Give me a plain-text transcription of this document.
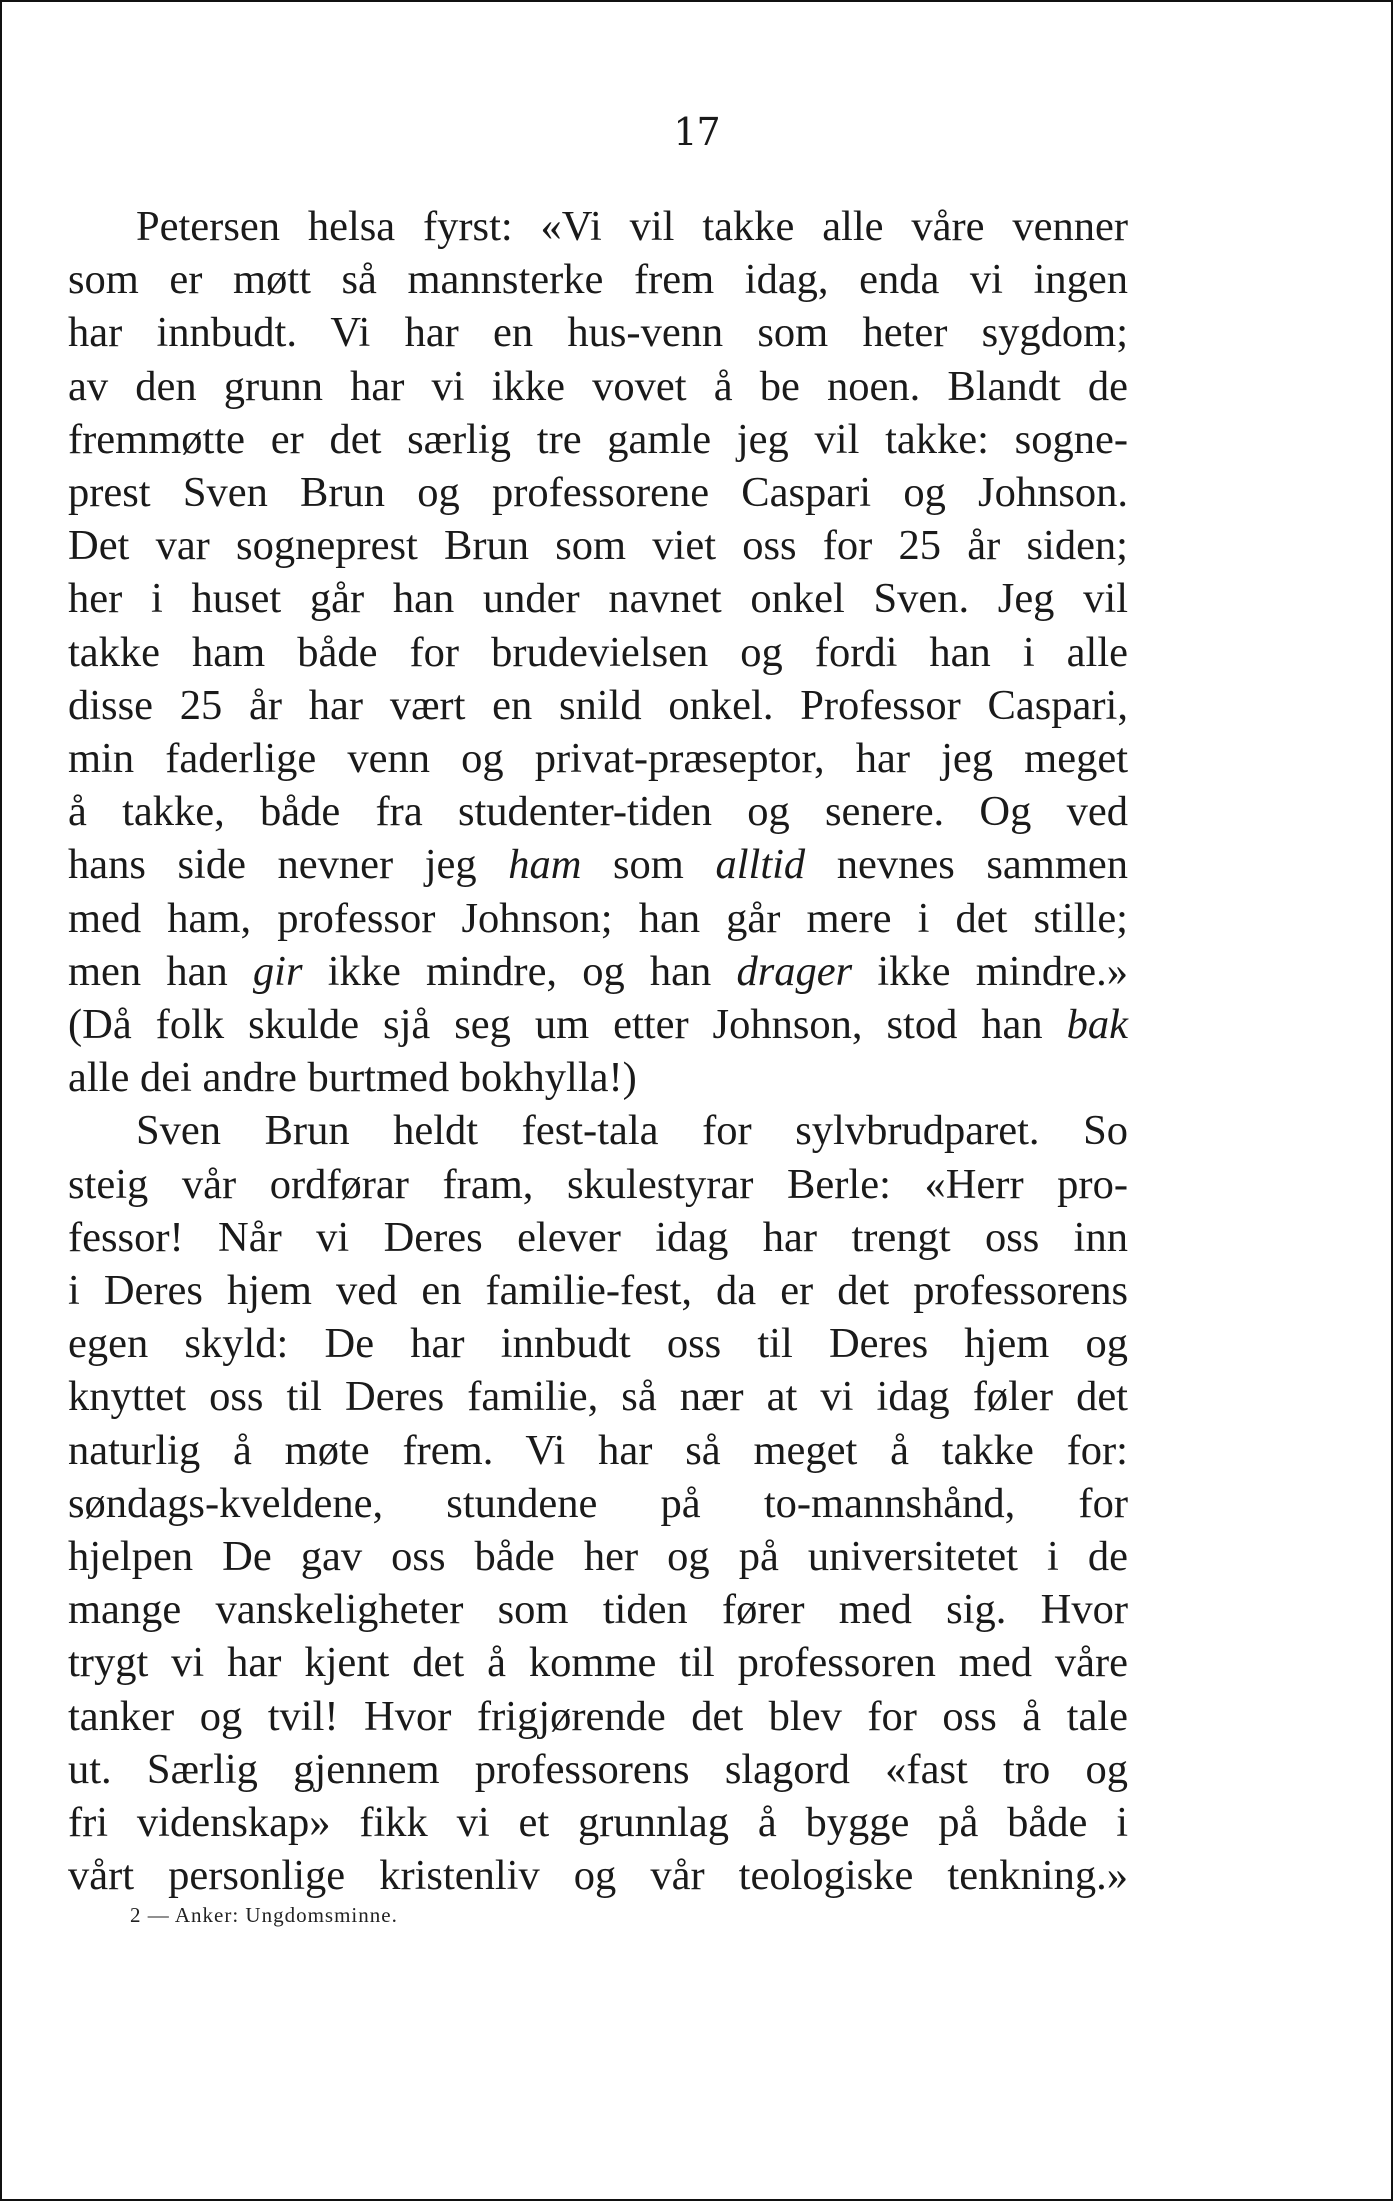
17
Petersen helsa fyrst: «Vi vil takke alle våre venner
som er møtt så mannsterke frem idag, enda vi ingen
har innbudt. Vi har en hus-venn som heter sygdom;
av den grunn har vi ikke vovet å be noen. Blandt de
fremmøtte er det særlig tre gamle jeg vil takke: sogne-
prest Sven Brun og professorene Caspari og Johnson.
Det var sogneprest Brun som viet oss for 25 år siden;
her i huset går han under navnet onkel Sven. Jeg vil
takke ham både for brudevielsen og fordi han i alle
disse 25 år har vært en snild onkel. Professor Caspari,
min faderlige venn og privat-præseptor, har jeg meget
å takke, både fra studenter-tiden og senere. Og ved
hans side nevner jeg ham som alltid nevnes sammen
med ham, professor Johnson; han går mere i det stille;
men han gir ikke mindre, og han drager ikke mindre.»
(Då folk skulde sjå seg um etter Johnson, stod han bak
alle dei andre burtmed bokhylla!)
Sven Brun heldt fest-tala for sylvbrudparet. So
steig vår ordførar fram, skulestyrar Berle: «Herr pro-
fessor! Når vi Deres elever idag har trengt oss inn
i Deres hjem ved en familie-fest, da er det professorens
egen skyld: De har innbudt oss til Deres hjem og
knyttet oss til Deres familie, så nær at vi idag føler det
naturlig å møte frem. Vi har så meget å takke for:
søndags-kveldene, stundene på to-mannshånd, for
hjelpen De gav oss både her og på universitetet i de
mange vanskeligheter som tiden fører med sig. Hvor
trygt vi har kjent det å komme til professoren med våre
tanker og tvil! Hvor frigjørende det blev for oss å tale
ut. Særlig gjennem professorens slagord «fast tro og
fri videnskap» fikk vi et grunnlag å bygge på både i
vårt personlige kristenliv og vår teologiske tenkning.»
2 — Anker: Ungdomsminne.
